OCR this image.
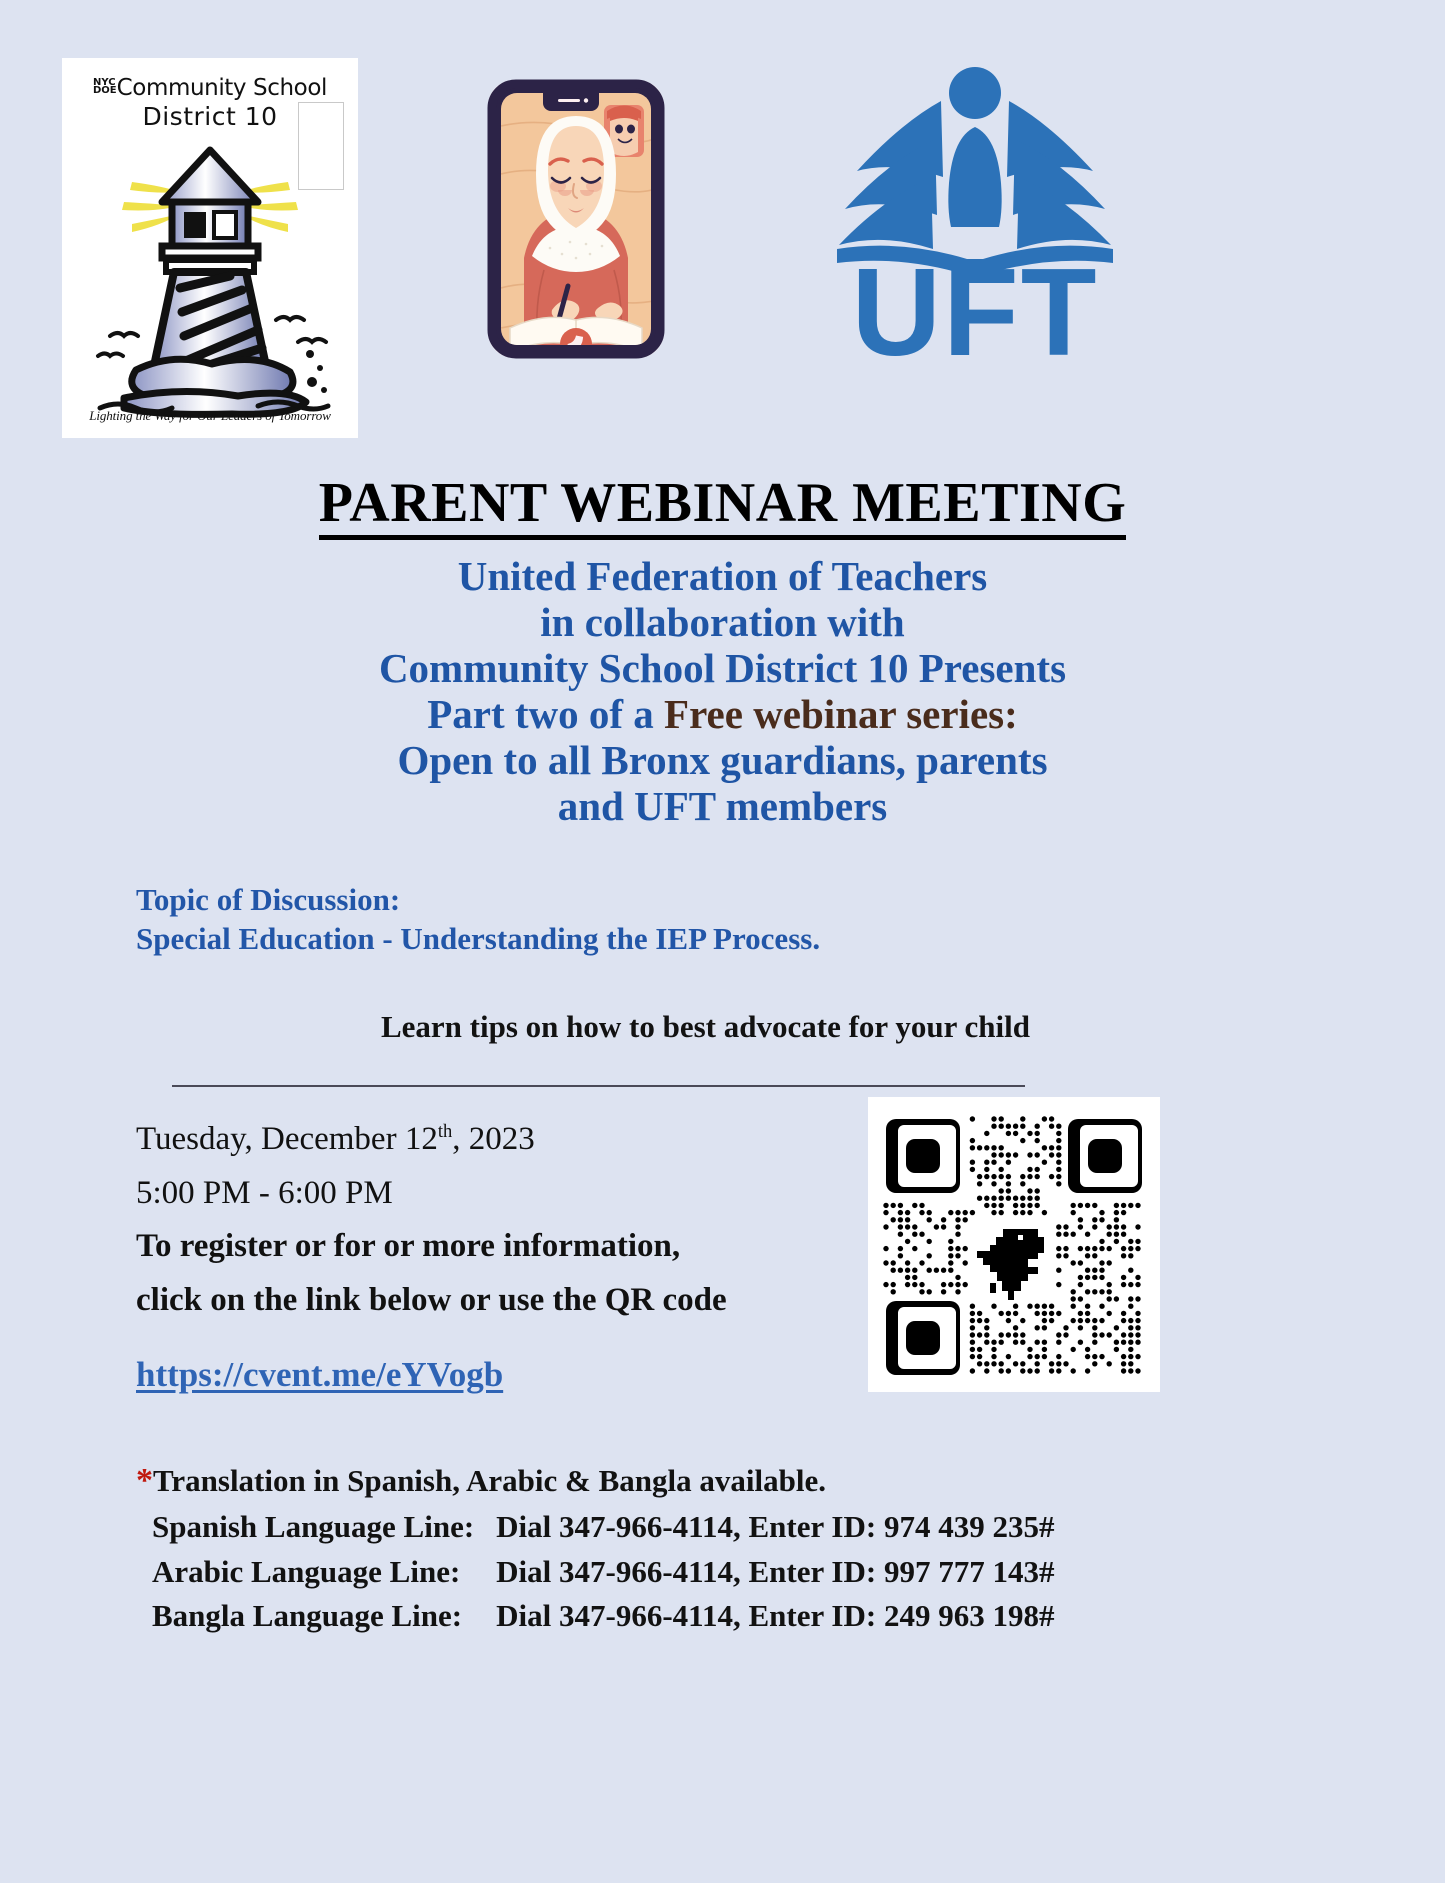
NYC
DOECommunity School
District 10
Lighting the Way for Our Leaders of Tomorrow
UFT
PARENT WEBINAR MEETING
United Federation of Teachers
in collaboration with
Community School District 10 Presents
Part two of a Free webinar series:
Open to all Bronx guardians, parents
and UFT members
Topic of Discussion:
Special Education - Understanding the IEP Process.
Learn tips on how to best advocate for your child
Tuesday, December 12th, 2023
5:00 PM - 6:00 PM
To register or for or more information,
click on the link below or use the QR code
https://cvent.me/eYVogb
*Translation in Spanish, Arabic & Bangla available.
Spanish Language Line:	Dial 347-966-4114, Enter ID: 974 439 235#
Arabic Language Line:	Dial 347-966-4114, Enter ID: 997 777 143#
Bangla Language Line:	Dial 347-966-4114, Enter ID: 249 963 198#
